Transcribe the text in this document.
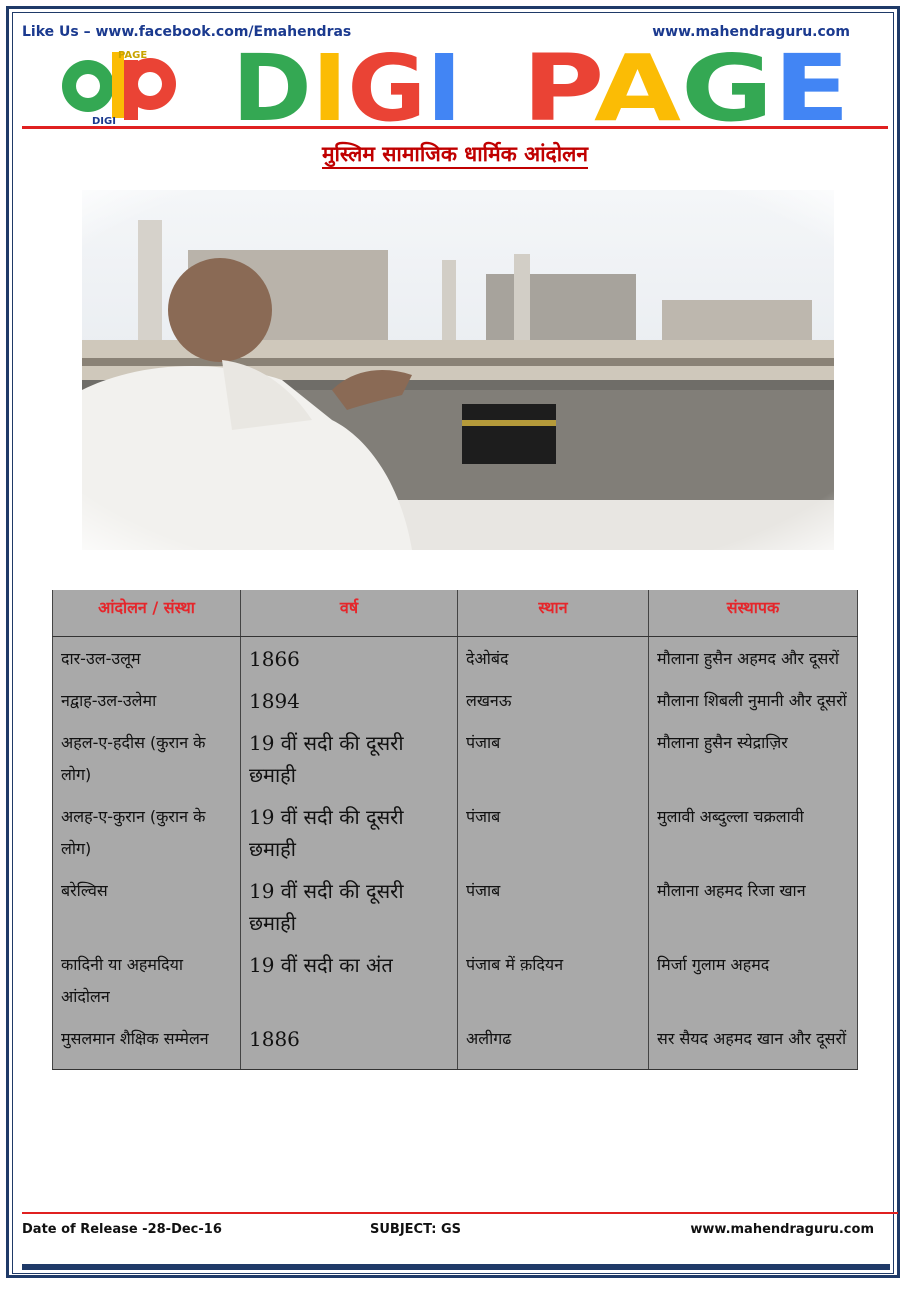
Like Us – www.facebook.com/Emahendras	www.mahendraguru.com
PAGE
DIGI DIGI P A G E
मुस्लिम सामाजिक धार्मिक आंदोलन
आंदोलन / संस्था	वर्ष	स्थान	संस्थापक
दार-उल-उलूम	1866	देओबंद	मौलाना हुसैन अहमद और दूसरों
नद्वाह-उल-उलेमा	1894	लखनऊ	मौलाना शिबली नुमानी और दूसरों
अहल-ए-हदीस (कुरान के लोग)	19 वीं सदी की दूसरी छमाही	पंजाब	मौलाना हुसैन स्येद्राज़िर
अलह-ए-कुरान (कुरान के लोग)	19 वीं सदी की दूसरी छमाही	पंजाब	मुलावी अब्दुल्ला चक्रलावी
बरेल्विस	19 वीं सदी की दूसरी छमाही	पंजाब	मौलाना अहमद रिजा खान
कादिनी या अहमदिया आंदोलन	19 वीं सदी का अंत	पंजाब में क़दियन	मिर्जा गुलाम अहमद
मुसलमान शैक्षिक सम्मेलन	1886	अलीगढ	सर सैयद अहमद खान और दूसरों
Date of Release -28-Dec-16	SUBJECT: GS	www.mahendraguru.com
